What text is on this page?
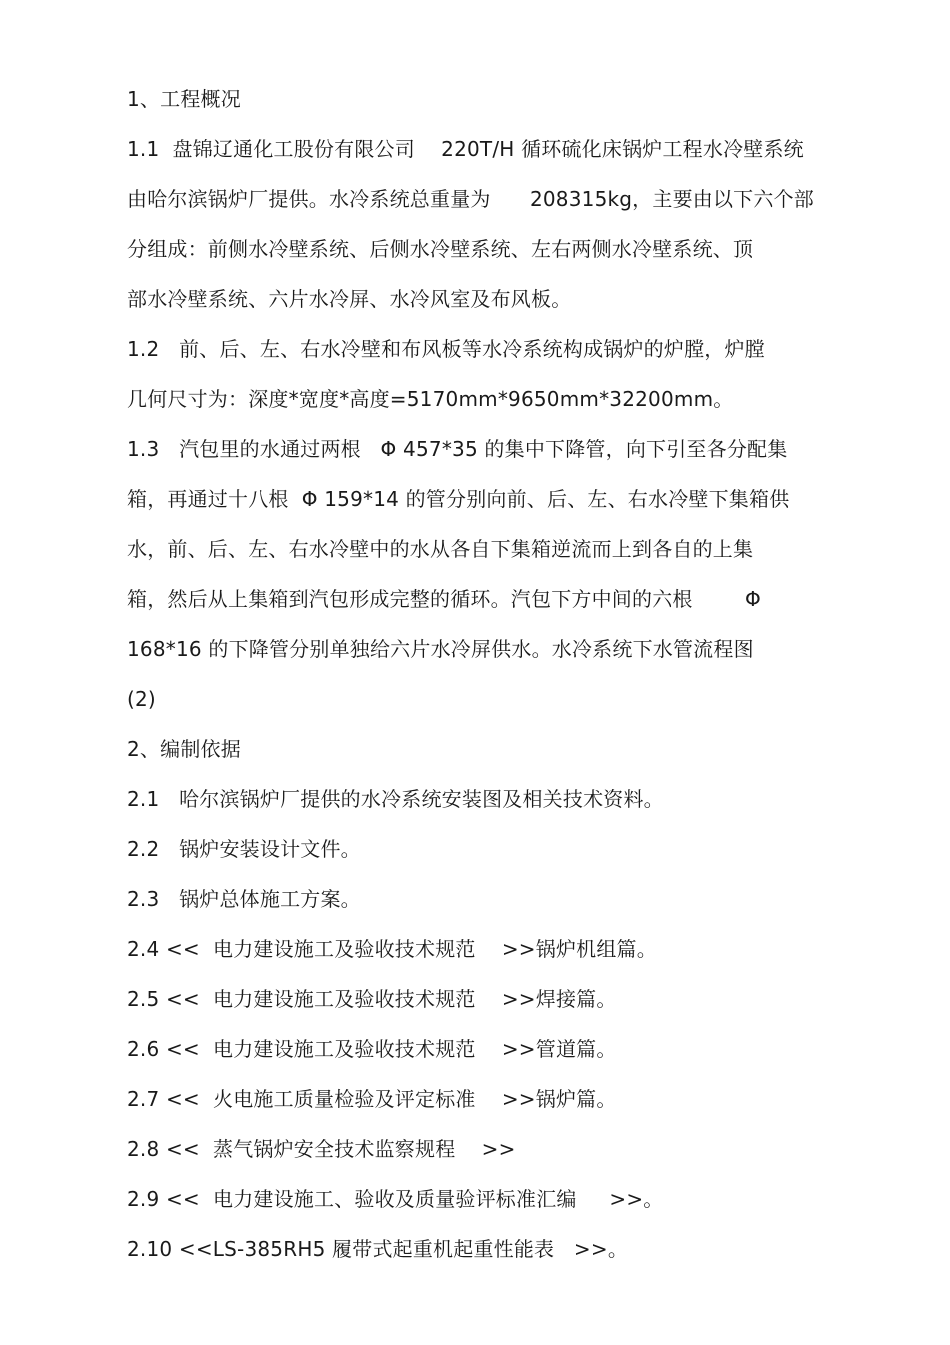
1、工程概况
1.1  盘锦辽通化工股份有限公司    220T/H 循环硫化床锅炉工程水冷壁系统
由哈尔滨锅炉厂提供。水冷系统总重量为      208315kg，主要由以下六个部
分组成：前侧水冷壁系统、后侧水冷壁系统、左右两侧水冷壁系统、顶
部水冷壁系统、六片水冷屏、水冷风室及布风板。
1.2   前、后、左、右水冷壁和布风板等水冷系统构成锅炉的炉膛，炉膛
几何尺寸为：深度*宽度*高度=5170mm*9650mm*32200mm。
1.3   汽包里的水通过两根   Φ 457*35 的集中下降管，向下引至各分配集
箱，再通过十八根  Φ 159*14 的管分别向前、后、左、右水冷壁下集箱供
水，前、后、左、右水冷壁中的水从各自下集箱逆流而上到各自的上集
箱，然后从上集箱到汽包形成完整的循环。汽包下方中间的六根        Φ
168*16 的下降管分别单独给六片水冷屏供水。水冷系统下水管流程图
(2)
2、编制依据
2.1   哈尔滨锅炉厂提供的水冷系统安装图及相关技术资料。
2.2   锅炉安装设计文件。
2.3   锅炉总体施工方案。
2.4 <<  电力建设施工及验收技术规范    >>锅炉机组篇。
2.5 <<  电力建设施工及验收技术规范    >>焊接篇。
2.6 <<  电力建设施工及验收技术规范    >>管道篇。
2.7 <<  火电施工质量检验及评定标准    >>锅炉篇。
2.8 <<  蒸气锅炉安全技术监察规程    >>
2.9 <<  电力建设施工、验收及质量验评标准汇编     >>。
2.10 <<LS-385RH5 履带式起重机起重性能表   >>。
